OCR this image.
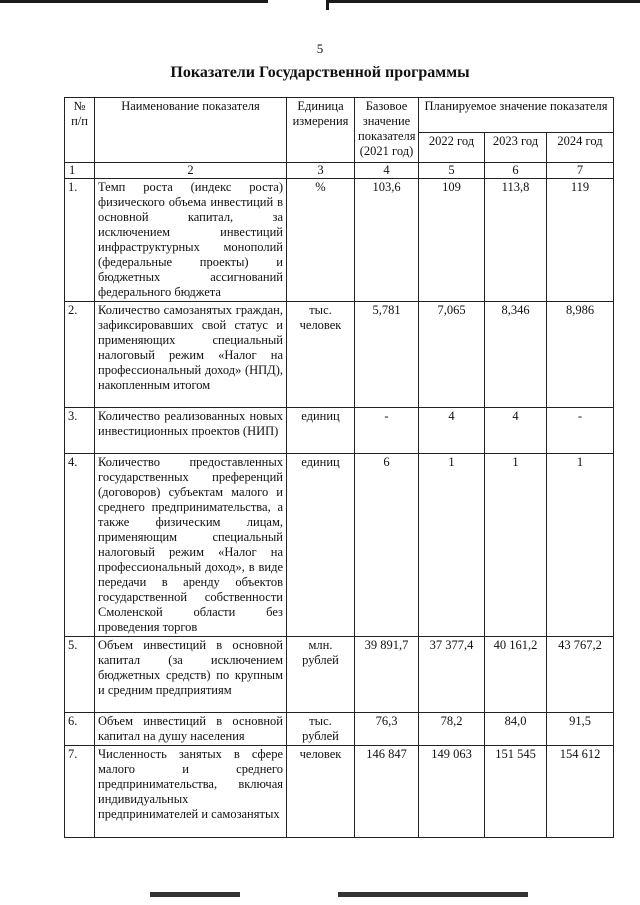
5
Показатели Государственной программы
№ п/п	Наименование показателя	Единица измерения	Базовое значение показателя (2021 год)	Планируемое значение показателя		
				2022 год	2023 год	2024 год
1	2	3	4	5	6	7
1.	Темп роста (индекс роста) физического объема инвестиций в основной капитал, за исключением инвестиций инфраструктурных монополий (федеральные проекты) и бюджетных ассигнований федерального бюджета	%	103,6	109	113,8	119
2.	Количество самозанятых граждан, зафиксировавших свой статус и применяющих специальный налоговый режим «Налог на профессиональный доход» (НПД), накопленным итогом	тыс. человек	5,781	7,065	8,346	8,986
3.	Количество реализованных новых инвестиционных проектов (НИП)	единиц	-	4	4	-
4.	Количество предоставленных государственных преференций (договоров) субъектам малого и среднего предпринимательства, а также физическим лицам, применяющим специальный налоговый режим «Налог на профессиональный доход», в виде передачи в аренду объектов государственной собственности Смоленской области без проведения торгов	единиц	6	1	1	1
5.	Объем инвестиций в основной капитал (за исключением бюджетных средств) по крупным и средним предприятиям	млн. рублей	39 891,7	37 377,4	40 161,2	43 767,2
6.	Объем инвестиций в основной капитал на душу населения	тыс. рублей	76,3	78,2	84,0	91,5
7.	Численность занятых в сфере малого и среднего предпринимательства, включая индивидуальных предпринимателей и самозанятых	человек	146 847	149 063	151 545	154 612
